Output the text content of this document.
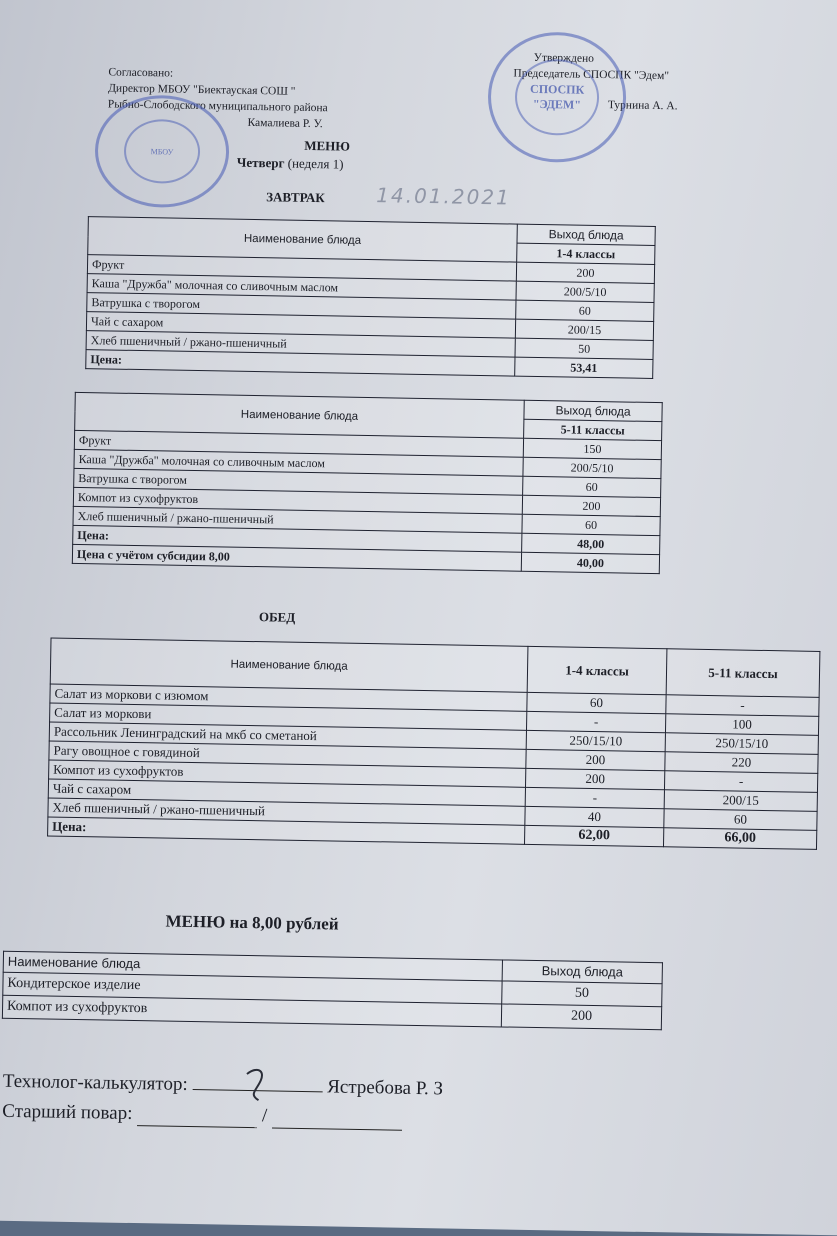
Согласовано:
Директор МБОУ "Биектауская СОШ "
Рыбно-Слободского муниципального района
Камалиева Р. У.
МБОУ
Утверждено
Председатель СПОСПК "Эдем"
Турнина А. А.
СПОСПК "ЭДЕМ"
МЕНЮ
Четверг (неделя 1)
ЗАВТРАК	14.01.2021
Наименование блюда	Выход блюда
	1-4 классы
Фрукт	200
Каша "Дружба" молочная со сливочным маслом	200/5/10
Ватрушка с творогом	60
Чай с сахаром	200/15
Хлеб пшеничный / ржано-пшеничный	50
Цена:	53,41
Наименование блюда	Выход блюда
	5-11 классы
Фрукт	150
Каша "Дружба" молочная со сливочным маслом	200/5/10
Ватрушка с творогом	60
Компот из сухофруктов	200
Хлеб пшеничный / ржано-пшеничный	60
Цена:	48,00
Цена с учётом субсидии 8,00	40,00
ОБЕД
Наименование блюда	1-4 классы	5-11 классы
Салат из моркови с изюмом	60	-
Салат из моркови	-	100
Рассольник Ленинградский на мкб со сметаной	250/15/10	250/15/10
Рагу овощное с говядиной	200	220
Компот из сухофруктов	200	-
Чай с сахаром	-	200/15
Хлеб пшеничный / ржано-пшеничный	40	60
Цена:	62,00	66,00
МЕНЮ на 8,00 рублей
Наименование блюда	Выход блюда
Кондитерское изделие	50
Компот из сухофруктов	200
Технолог-калькулятор:	Ястребова Р. З
Старший повар:	/
